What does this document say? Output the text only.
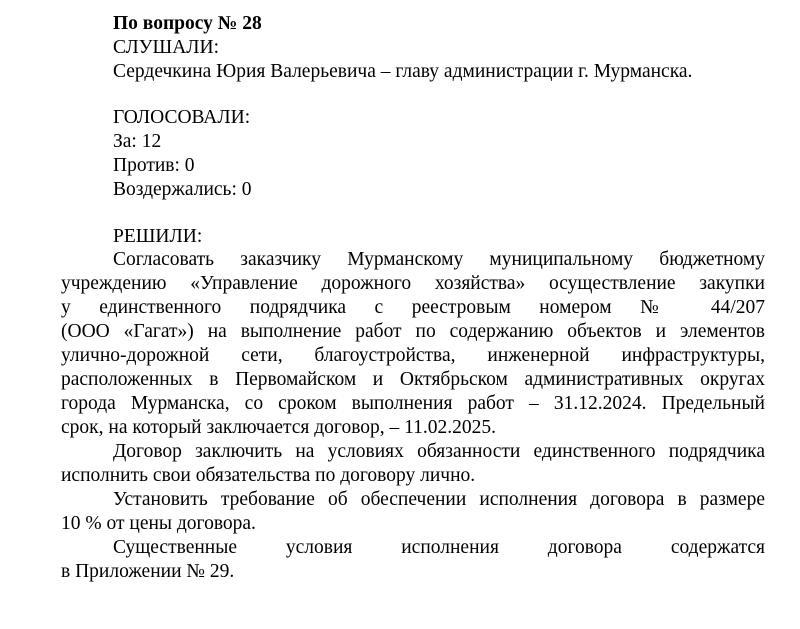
По вопросу № 28
СЛУШАЛИ:
Сердечкина Юрия Валерьевича – главу администрации г. Мурманска.
ГОЛОСОВАЛИ:
За: 12
Против: 0
Воздержались: 0
РЕШИЛИ:
Согласовать заказчику Мурманскому муниципальному бюджетному
учреждению «Управление дорожного хозяйства» осуществление закупки
у единственного подрядчика с реестровым номером № 44/207
(ООО «Гагат») на выполнение работ по содержанию объектов и элементов
улично-дорожной сети, благоустройства, инженерной инфраструктуры,
расположенных в Первомайском и Октябрьском административных округах
города Мурманска, со сроком выполнения работ – 31.12.2024. Предельный
срок, на который заключается договор, – 11.02.2025.
Договор заключить на условиях обязанности единственного подрядчика
исполнить свои обязательства по договору лично.
Установить требование об обеспечении исполнения договора в размере
10 % от цены договора.
Существенные условия исполнения договора содержатся
в Приложении № 29.
